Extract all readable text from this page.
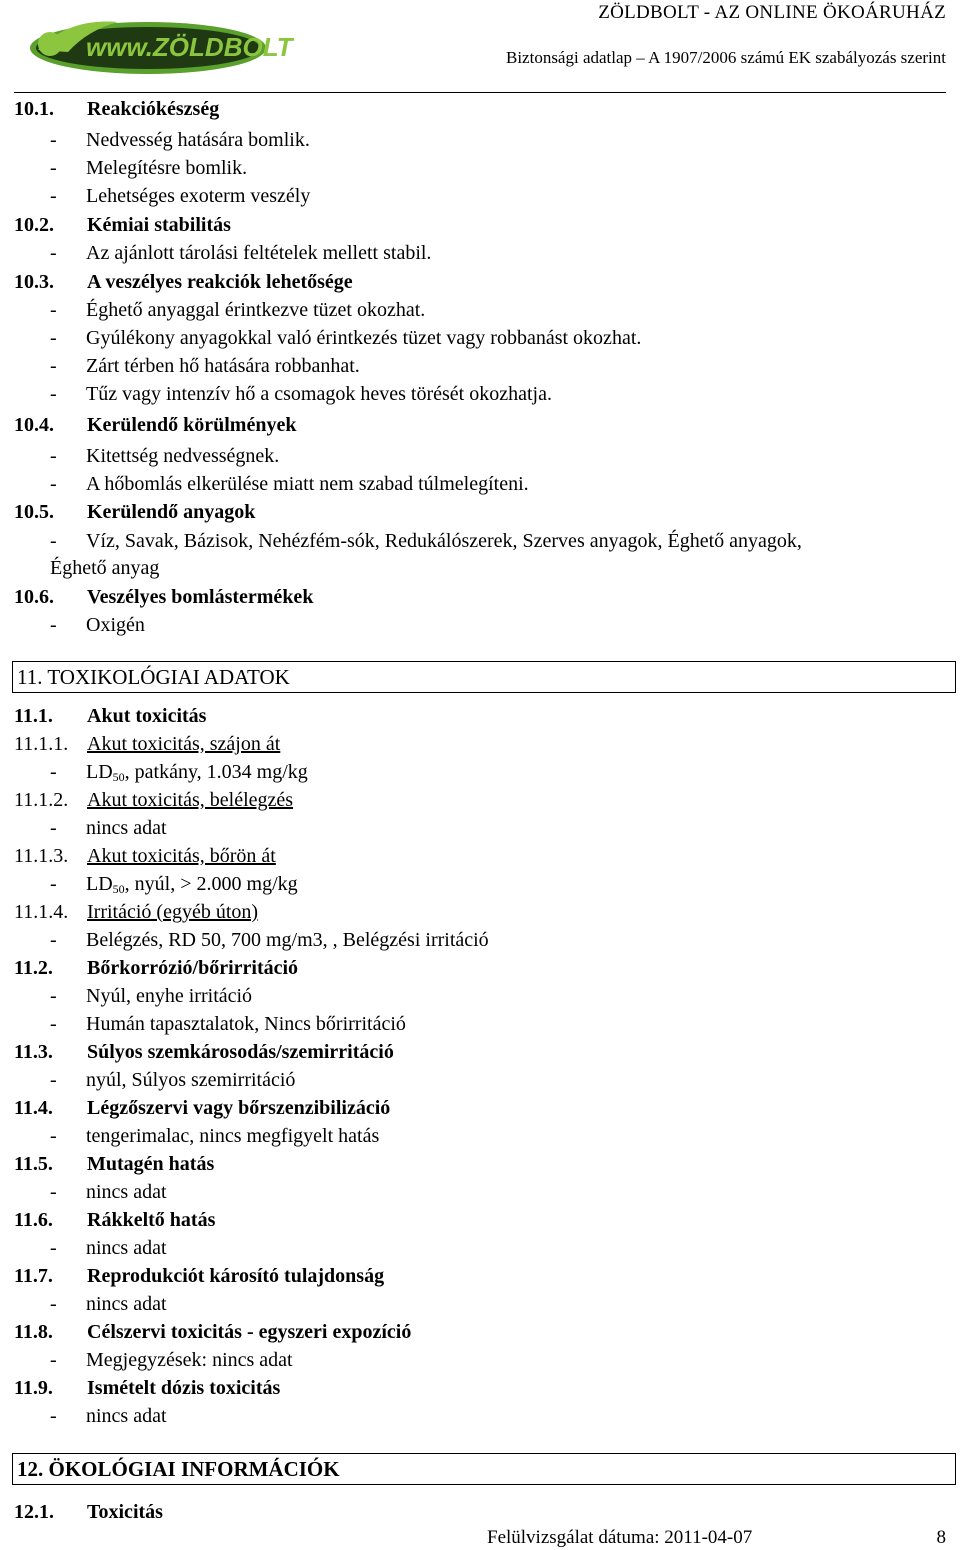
www.ZÖLDBOLT.hu
ZÖLDBOLT - AZ ONLINE ÖKOÁRUHÁZ
Biztonsági adatlap – A 1907/2006 számú EK szabályozás szerint
10.1. Reakciókészség
- Nedvesség hatására bomlik.
- Melegítésre bomlik.
- Lehetséges exoterm veszély
10.2. Kémiai stabilitás
- Az ajánlott tárolási feltételek mellett stabil.
10.3. A veszélyes reakciók lehetősége
- Éghető anyaggal érintkezve tüzet okozhat.
- Gyúlékony anyagokkal való érintkezés tüzet vagy robbanást okozhat.
- Zárt térben hő hatására robbanhat.
- Tűz vagy intenzív hő a csomagok heves törését okozhatja.
10.4. Kerülendő körülmények
- Kitettség nedvességnek.
- A hőbomlás elkerülése miatt nem szabad túlmelegíteni.
10.5. Kerülendő anyagok
- Víz, Savak, Bázisok, Nehézfém-sók, Redukálószerek, Szerves anyagok, Éghető anyagok,
Éghető anyag
10.6. Veszélyes bomlástermékek
- Oxigén
11. TOXIKOLÓGIAI ADATOK
11.1. Akut toxicitás
11.1.1. Akut toxicitás, szájon át
- $LD_{50}$, patkány, 1.034 mg/kg
11.1.2. Akut toxicitás, belélegzés
- nincs adat
11.1.3. Akut toxicitás, bőrön át
- $LD_{50}$, nyúl, > 2.000 mg/kg
11.1.4. Irritáció (egyéb úton)
- Belégzés, RD 50, 700 mg/m3, , Belégzési irritáció
11.2. Bőrkorrózió/bőrirritáció
- Nyúl, enyhe irritáció
- Humán tapasztalatok, Nincs bőrirritáció
11.3. Súlyos szemkárosodás/szemirritáció
- nyúl, Súlyos szemirritáció
11.4. Légzőszervi vagy bőrszenzibilizáció
- tengerimalac, nincs megfigyelt hatás
11.5. Mutagén hatás
- nincs adat
11.6. Rákkeltő hatás
- nincs adat
11.7. Reprodukciót károsító tulajdonság
- nincs adat
11.8. Célszervi toxicitás - egyszeri expozíció
- Megjegyzések: nincs adat
11.9. Ismételt dózis toxicitás
- nincs adat
12. ÖKOLÓGIAI INFORMÁCIÓK
12.1. Toxicitás
Felülvizsgálat dátuma: 2011-04-07	8
